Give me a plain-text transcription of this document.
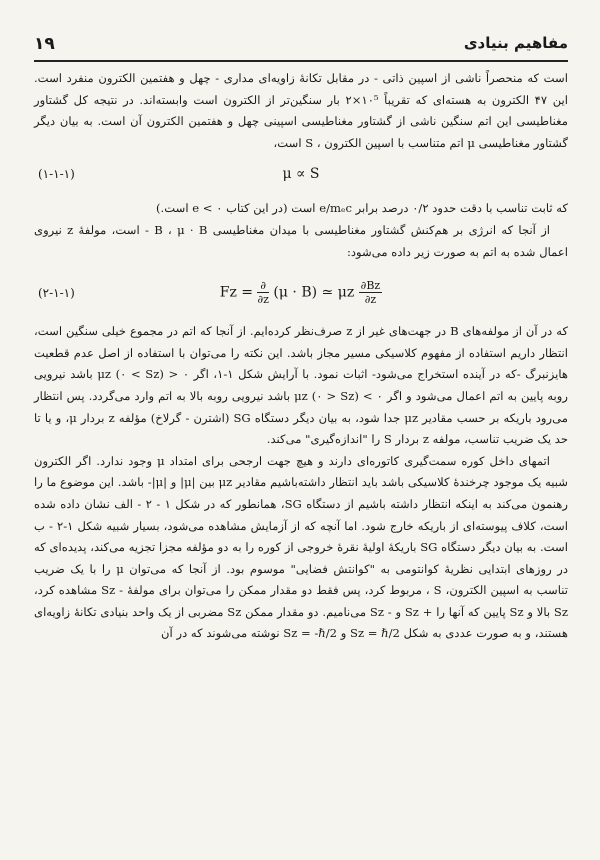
۱۹	مفاهیم بنیادی

است که منحصراً ناشی از اسپین ذاتی - در مقابل تکانهٔ زاویه‌ای مداری - چهل و هفتمین الکترون منفرد است. این ۴۷ الکترون به هسته‌ای که تقریباً ۱۰⁵×۲ بار سنگین‌تر از الکترون است وابسته‌اند. در نتیجه کل گشتاور مغناطیسی این اتم سنگین ناشی از گشتاور مغناطیسی اسپینی چهل و هفتمین الکترون آن است. به بیان دیگر گشتاور مغناطیسی μ اتم متناسب با اسپین الکترون ، S است،

μ ∝ S
(۱-۱-۱)

که ثابت تناسب با دقت حدود ۰/۲ درصد برابر e/mₑc است (در این کتاب ۰ > e است.)

از آنجا که انرژی بر هم‌کنش گشتاور مغناطیسی با میدان مغناطیسی B ، μ · B - است، مولفهٔ z نیروی اعمال شده به اتم به صورت زیر داده می‌شود:

$Fz = \frac{\partial}{\partial z} (\mu \cdot B)$ ≃ μz $\frac{\partial Bz}{\partial z}$
(۲-۱-۱)

که در آن از مولفه‌های B در جهت‌های غیر از z صرف‌نظر کرده‌ایم. از آنجا که اتم در مجموع خیلی سنگین است، انتظار داریم استفاده از مفهوم کلاسیکی مسیر مجاز باشد. این نکته را می‌توان با استفاده از اصل عدم قطعیت هایزنبرگ -که در آینده استخراج می‌شود- اثبات نمود. با آرایش شکل ۱-۱، اگر ۰ < μz (۰ < Sz) باشد نیرویی روبه پایین به اتم اعمال می‌شود و اگر ۰ > μz (۰ > Sz) باشد نیرویی روبه بالا به اتم وارد می‌گردد. پس انتظار می‌رود باریکه بر حسب مقادیر μz جدا شود، به بیان دیگر دستگاه SG (اشترن - گرلاخ) مؤلفه z بردار μ، و یا تا حد یک ضریب تناسب، مولفه z بردار S را "اندازه‌گیری" می‌کند.

اتمهای داخل کوره سمت‌گیری کاتوره‌ای دارند و هیچ جهت ارجحی برای امتداد μ وجود ندارد. اگر الکترون شبیه یک موجود چرخندهٔ کلاسیکی باشد باید انتظار داشته‌باشیم مقادیر μz بین |μ| و |μ|- باشد. این موضوع ما را رهنمون می‌کند به اینکه انتظار داشته باشیم از دستگاه SG، همانطور که در شکل ۱ - ۲ - الف نشان داده شده است، کلاف پیوسته‌ای از باریکه خارج شود. اما آنچه که از آزمایش مشاهده می‌شود، بسیار شبیه شکل ۱-۲ - ب است. به بیان دیگر دستگاه SG باریکهٔ اولیهٔ نقرهٔ خروجی از کوره را به دو مؤلفه مجزا تجزیه می‌کند، پدیده‌ای که در روزهای ابتدایی نظریهٔ کوانتومی به "کوانتش فضایی" موسوم بود. از آنجا که می‌توان μ را با یک ضریب تناسب به اسپین الکترون، S ، مربوط کرد، پس فقط دو مقدار ممکن را می‌توان برای مولفهٔ - Sz مشاهده کرد، Sz بالا و Sz پایین که آنها را + Sz و - Sz می‌نامیم. دو مقدار ممکن Sz مضربی از یک واحد بنیادی تکانهٔ زاویه‌ای هستند، و به صورت عددی به شکل Sz = ℏ/2 و Sz = -ℏ/2 نوشته می‌شوند که در آن
